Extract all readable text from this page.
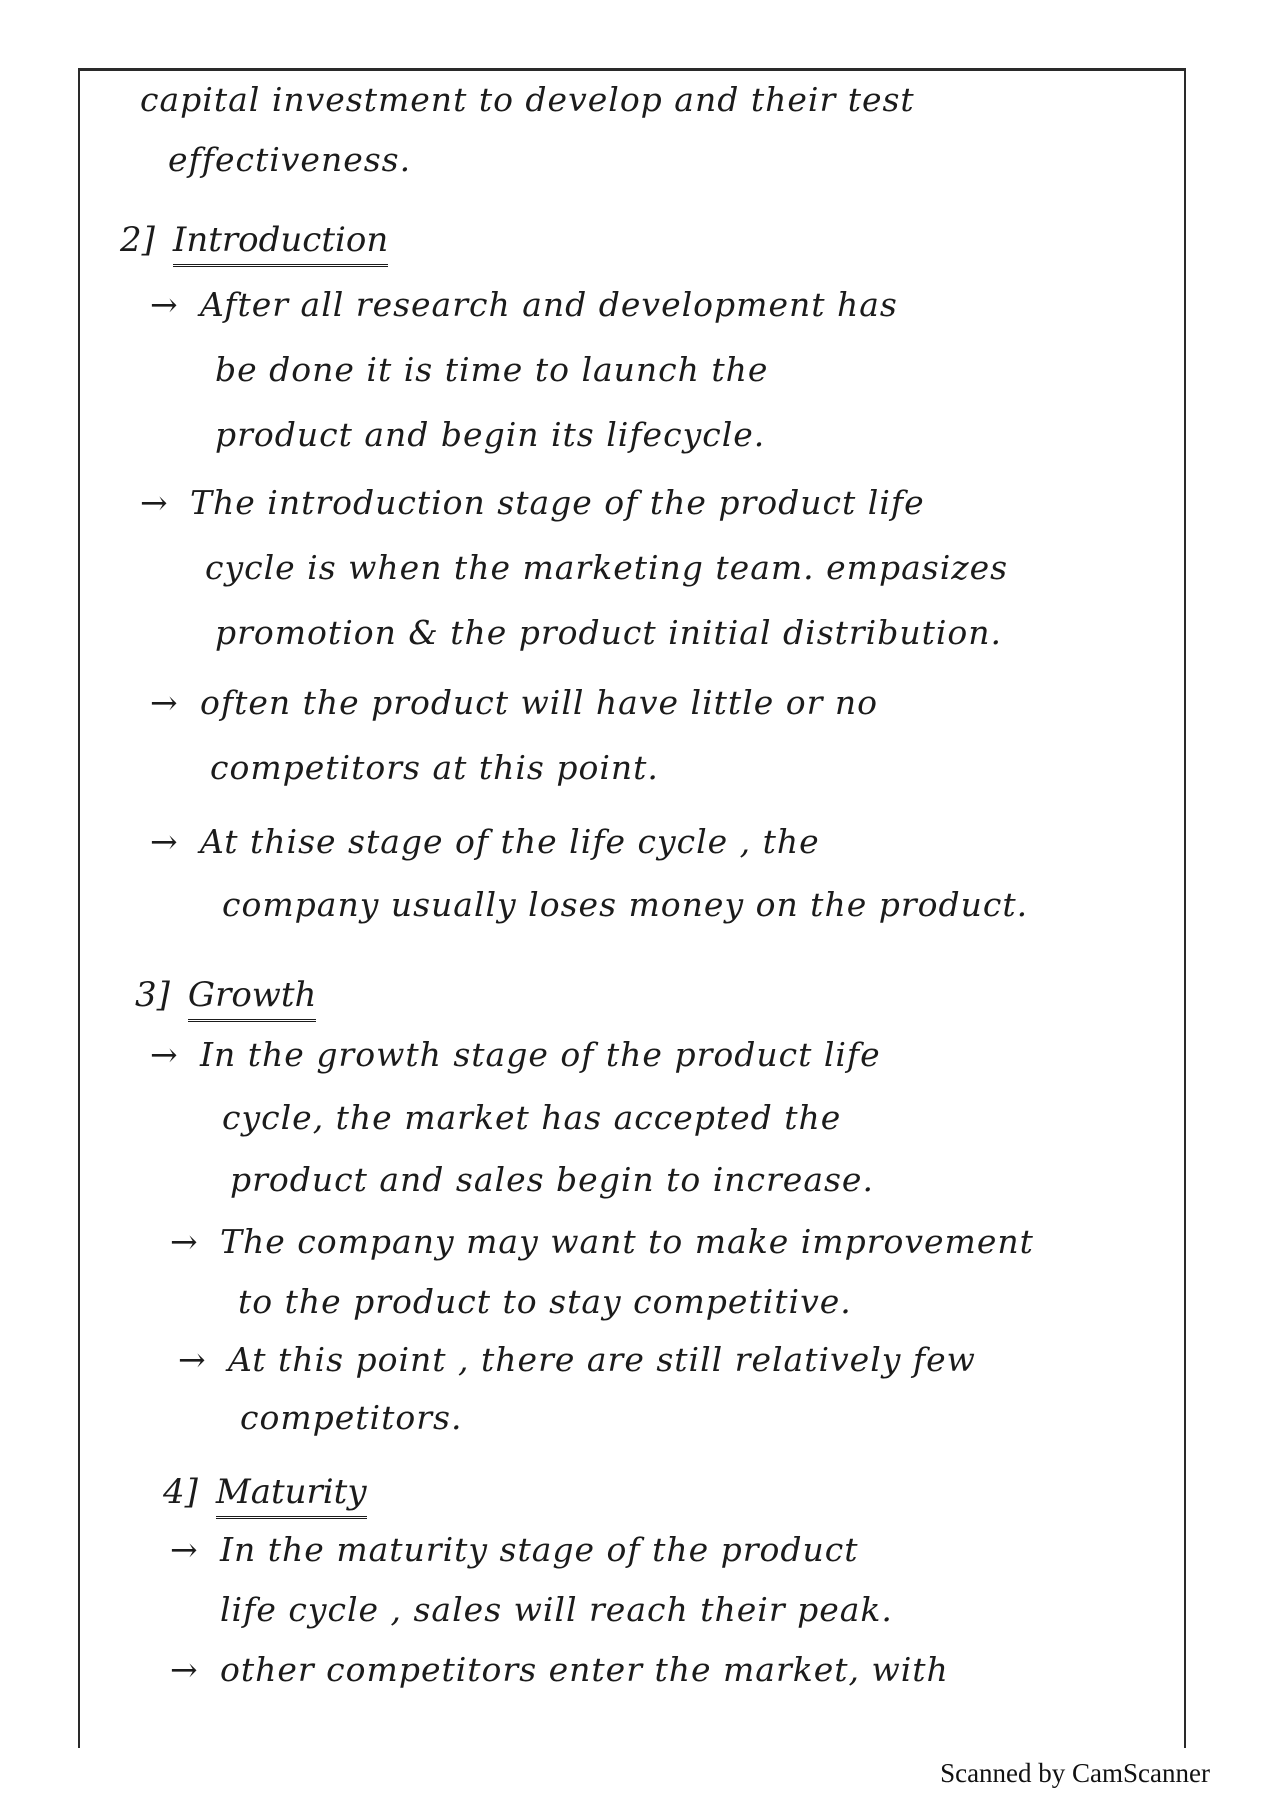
capital investment to develop and their test
effectiveness.
2] Introduction
→ After all research and development has
be done it is time to launch the
product and begin its lifecycle.
→ The introduction stage of the product life
cycle is when the marketing team. empasizes
promotion & the product initial distribution.
→ often the product will have little or no
competitors at this point.
→ At thise stage of the life cycle , the
company usually loses money on the product.
3] Growth
→ In the growth stage of the product life
cycle, the market has accepted the
product and sales begin to increase.
→ The company may want to make improvement
to the product to stay competitive.
→ At this point , there are still relatively few
competitors.
4] Maturity
→ In the maturity stage of the product
life cycle , sales will reach their peak.
→ other competitors enter the market, with
Scanned by CamScanner
